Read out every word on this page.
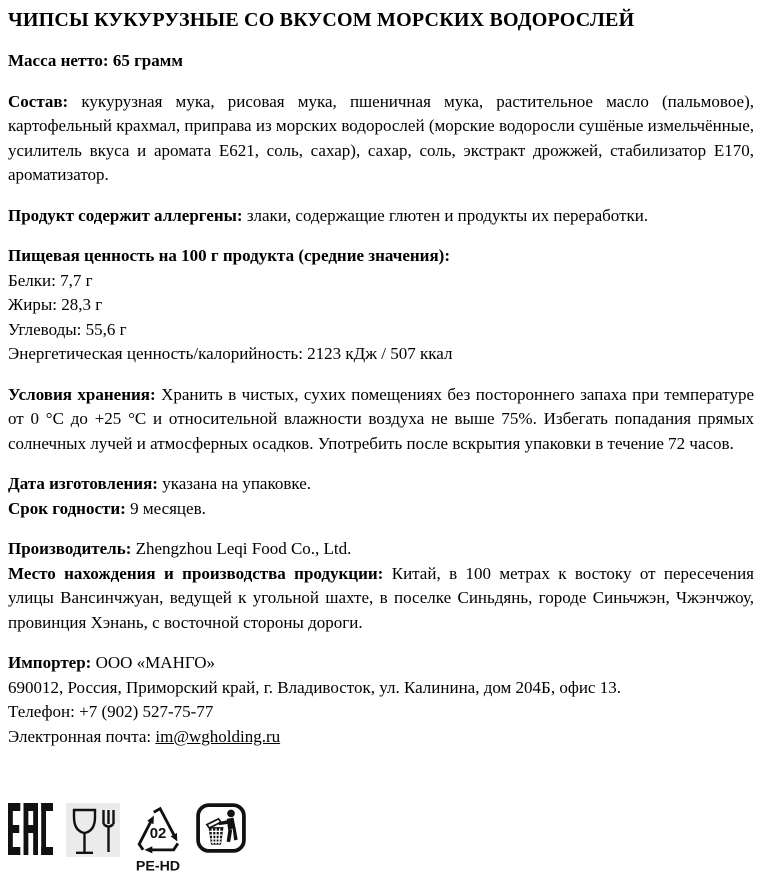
ЧИПСЫ КУКУРУЗНЫЕ СО ВКУСОМ МОРСКИХ ВОДОРОСЛЕЙ

Масса нетто: 65 грамм

Состав: кукурузная мука, рисовая мука, пшеничная мука, растительное масло (пальмовое), картофельный крахмал, приправа из морских водорослей (морские водоросли сушёные измельчённые, усилитель вкуса и аромата Е621, соль, сахар), сахар, соль, экстракт дрожжей, стабилизатор Е170, ароматизатор.

Продукт содержит аллергены: злаки, содержащие глютен и продукты их переработки.

Пищевая ценность на 100 г продукта (средние значения):
Белки: 7,7 г
Жиры: 28,3 г
Углеводы: 55,6 г
Энергетическая ценность/калорийность: 2123 кДж / 507 ккал

Условия хранения: Хранить в чистых, сухих помещениях без постороннего запаха при температуре от 0 °С до +25 °С и относительной влажности воздуха не выше 75%. Избегать попадания прямых солнечных лучей и атмосферных осадков. Употребить после вскрытия упаковки в течение 72 часов.

Дата изготовления: указана на упаковке.
Срок годности: 9 месяцев.
Производитель: Zhengzhou Leqi Food Co., Ltd.
Место нахождения и производства продукции: Китай, в 100 метрах к востоку от пересечения улицы Вансинчжуан, ведущей к угольной шахте, в поселке Синьдянь, городе Синьчжэн, Чжэнчжоу, провинция Хэнань, с восточной стороны дороги.
Импортер: ООО «МАНГО»
690012, Россия, Приморский край, г. Владивосток, ул. Калинина, дом 204Б, офис 13.
Телефон: +7 (902) 527-75-77
Электронная почта: im@wgholding.ru
02
PE-HD
